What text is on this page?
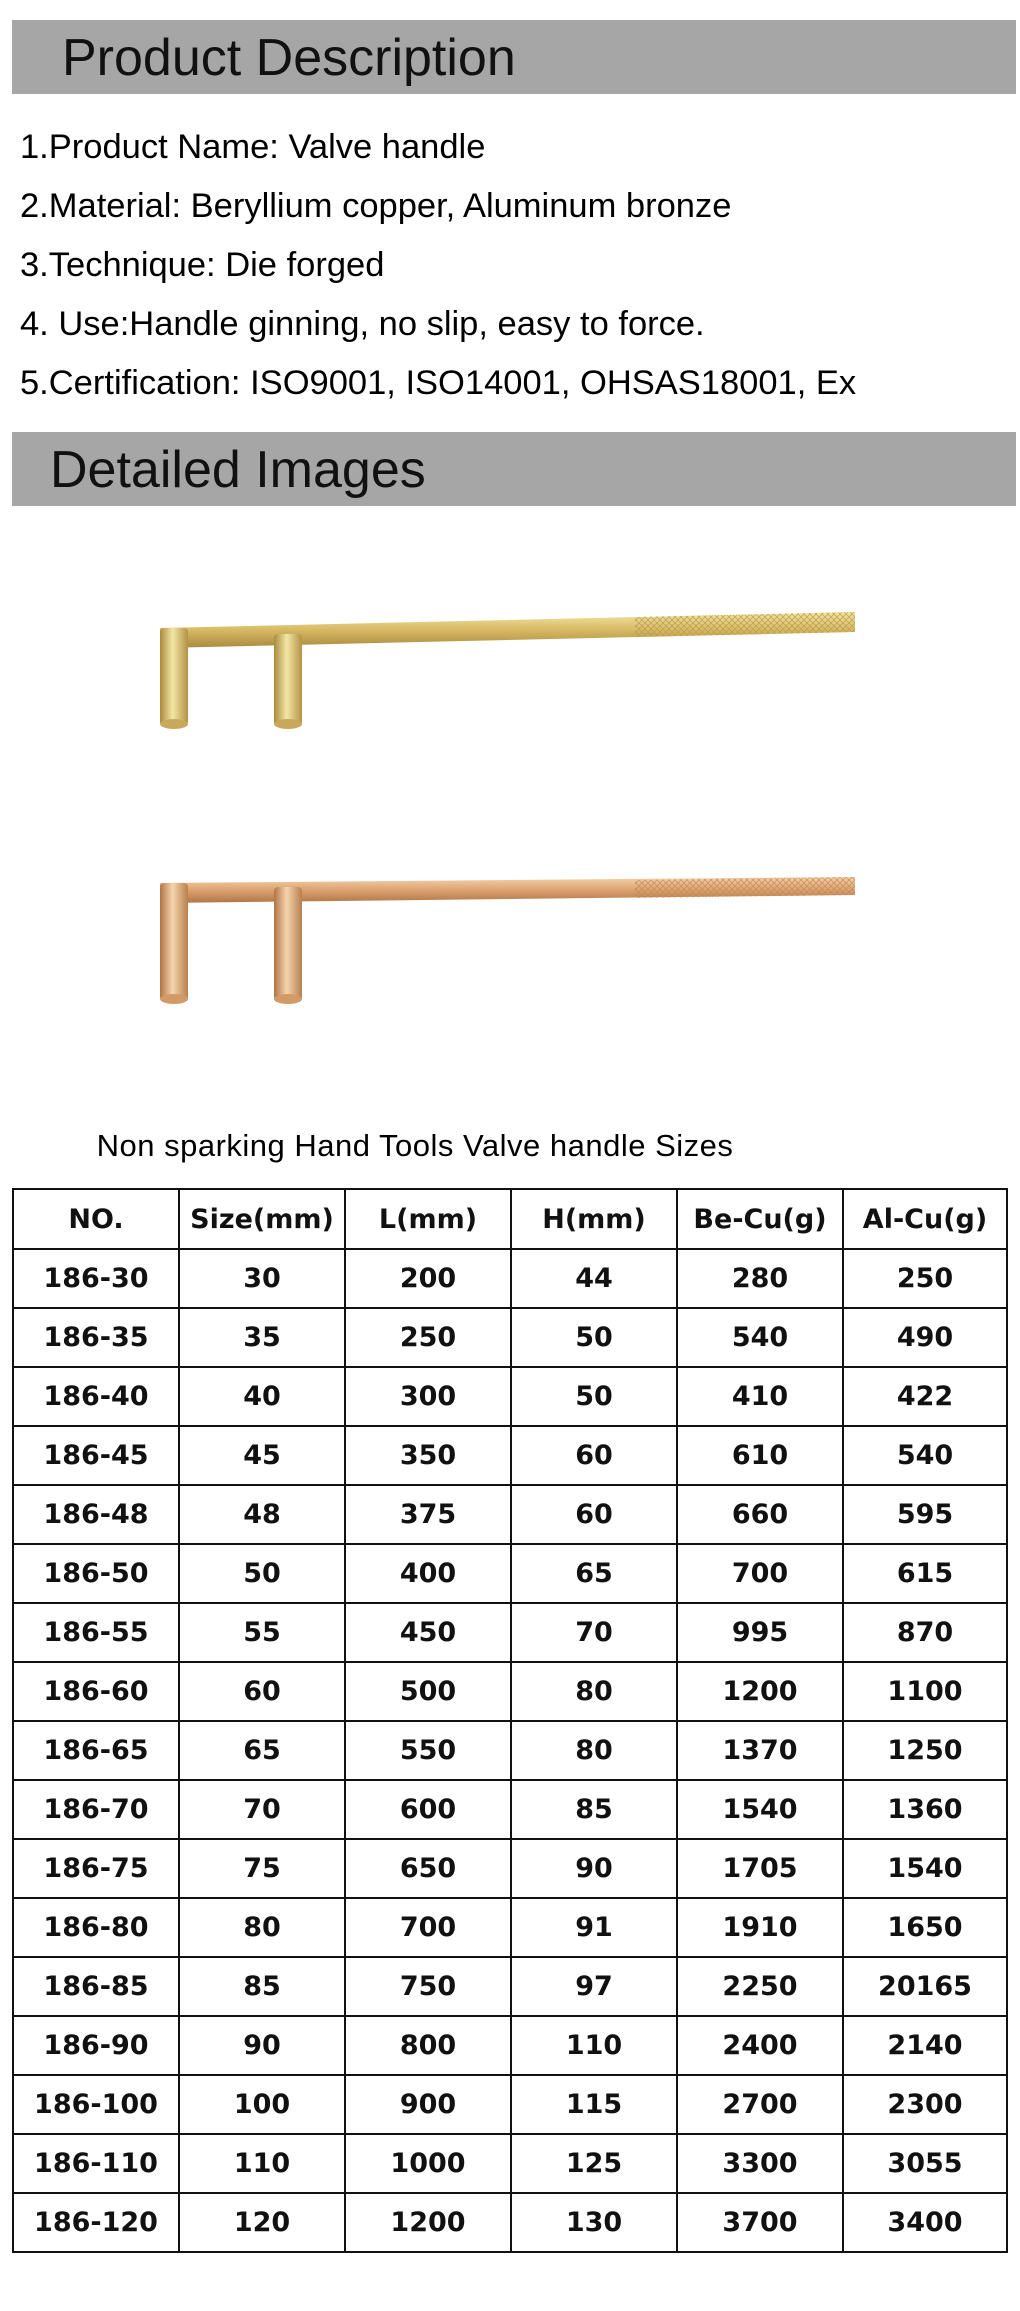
Product Description
1.Product Name: Valve handle
2.Material: Beryllium copper, Aluminum bronze
3.Technique: Die forged
4. Use:Handle ginning, no slip, easy to force.
5.Certification: ISO9001, ISO14001, OHSAS18001, Ex
Detailed Images
Non sparking Hand Tools Valve handle Sizes
NO.	Size(mm)	L(mm)	H(mm)	Be-Cu(g)	Al-Cu(g)
186-30	30	200	44	280	250
186-35	35	250	50	540	490
186-40	40	300	50	410	422
186-45	45	350	60	610	540
186-48	48	375	60	660	595
186-50	50	400	65	700	615
186-55	55	450	70	995	870
186-60	60	500	80	1200	1100
186-65	65	550	80	1370	1250
186-70	70	600	85	1540	1360
186-75	75	650	90	1705	1540
186-80	80	700	91	1910	1650
186-85	85	750	97	2250	20165
186-90	90	800	110	2400	2140
186-100	100	900	115	2700	2300
186-110	110	1000	125	3300	3055
186-120	120	1200	130	3700	3400
